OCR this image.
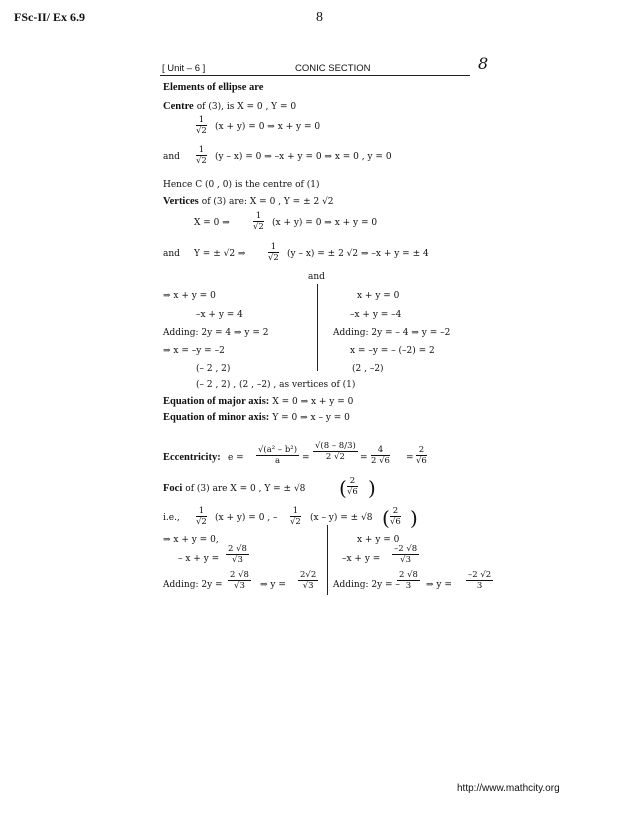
FSc-II/ Ex 6.9	8
[ Unit – 6 ]	CONIC SECTION	8
Elements of ellipse are
Centre of (3), is X = 0 , Y = 0
$\frac{1}{√2} (x + y) = 0$ ⇒ x + y = 0
and $\frac{1}{√2} (y - x) = 0$ ⇒ –x + y = 0 ⇒ x = 0 , y = 0
Hence C (0 , 0) is the centre of (1)
Vertices of (3) are: X = 0 , Y = ± 2 √2
X = 0 ⇒	$\frac{1}{√2} (x + y) = 0$ ⇒ x + y = 0
and Y = ± √2 ⇒	$\frac{1}{√2} (y - x)$ = ± 2 √2 ⇒ –x + y = ± 4
and
⇒ x + y = 0
–x + y = 4
Adding: 2y = 4 ⇒ y = 2
⇒ x = –y = –2
(– 2 , 2)
x + y = 0
–x + y = –4
Adding: 2y = – 4 ⇒ y = –2
x = –y = – (–2) = 2
(2 , –2)
(– 2 , 2) , (2 , –2) , as vertices of (1)
Equation of major axis: X = 0 ⇒ x + y = 0
Equation of minor axis: Y = 0 ⇒ x – y = 0
Eccentricity: $e = \frac{\text{√(a² – b²)}}{a} = \frac{√(8 - 8/3)}{2 √2} = \frac{4}{2 √6} = \frac{2}{√6}$
Foci of (3) are X = 0 , Y = ± √8 ( $\frac{2}{√6}$ )
i.e., $\frac{1}{√2} (x + y) = 0$ , – $\frac{1}{√2} (x - y)$ = ± √8 ( $\frac{2}{√6}$ )
⇒ x + y = 0,
– $x + y = \frac{2 √8}{√3}$
Adding: $2y = \frac{2 √8}{√3}$ ⇒ $y = \frac{2√2}{√3}$
x + y = 0
$-x + y = \frac{-2 √8}{√3}$
Adding: 2y = –
$\frac{2 √8}{3}$ ⇒ $y = \frac{-2 √2}{3}$
http://www.mathcity.org
